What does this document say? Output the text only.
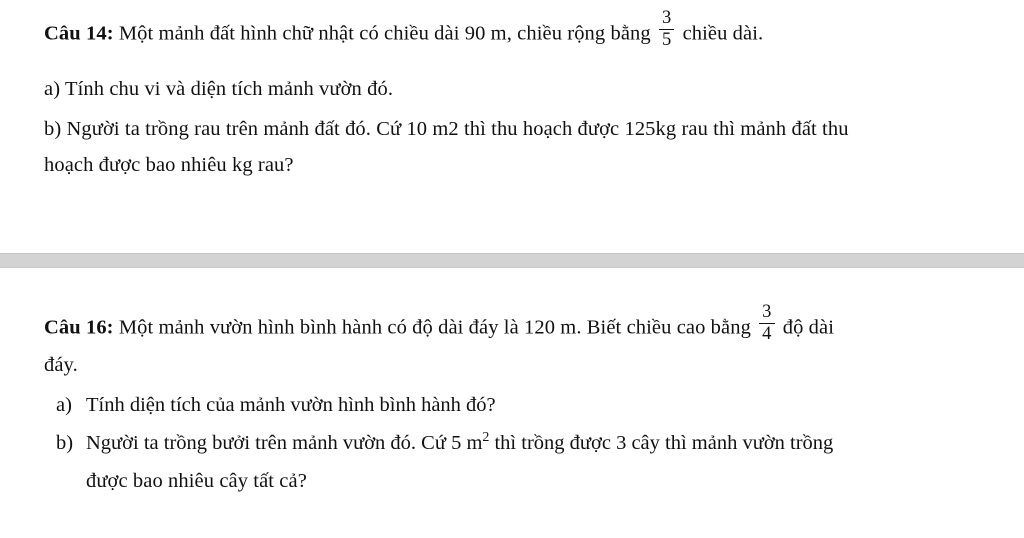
Câu 14: Một mảnh đất hình chữ nhật có chiều dài 90 m, chiều rộng bằng $\frac{3}{5}$ chiều dài.

a) Tính chu vi và diện tích mảnh vườn đó.

b) Người ta trồng rau trên mảnh đất đó. Cứ 10 m2 thì thu hoạch được 125kg rau thì mảnh đất thu

hoạch được bao nhiêu kg rau?

Câu 16: Một mảnh vườn hình bình hành có độ dài đáy là 120 m. Biết chiều cao bằng $\frac{3}{4}$ độ dài

đáy.

a) Tính diện tích của mảnh vườn hình bình hành đó?
b) Người ta trồng bưởi trên mảnh vườn đó. Cứ 5 $m^2$ thì trồng được 3 cây thì mảnh vườn trồng

được bao nhiêu cây tất cả?
